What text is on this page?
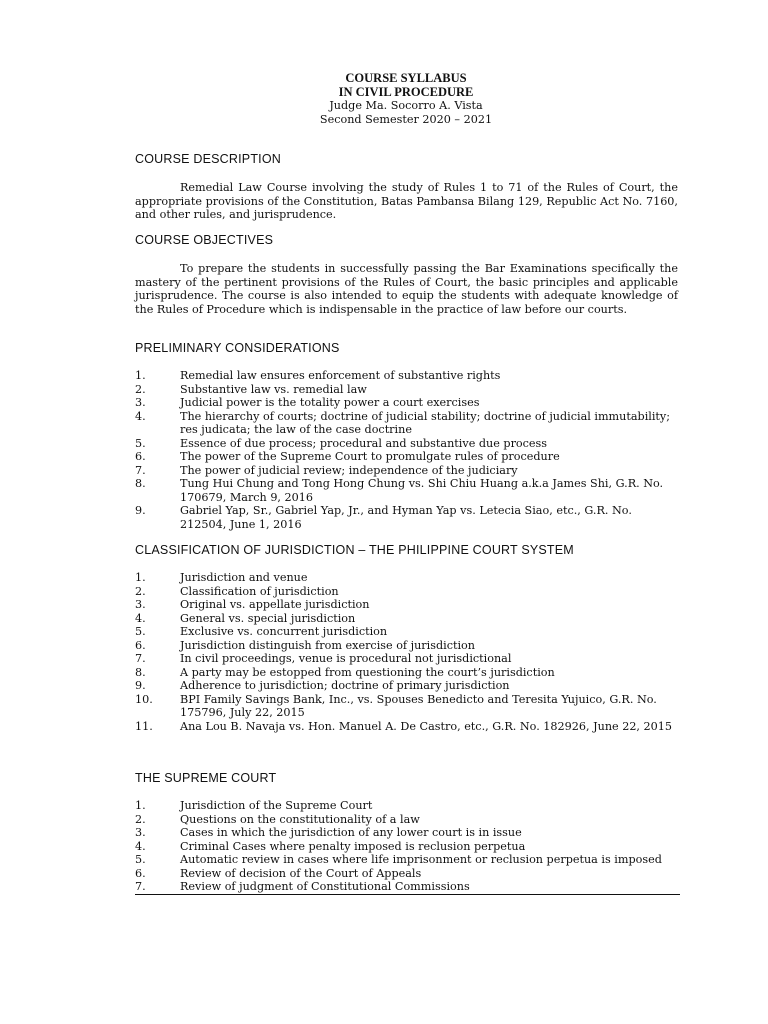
COURSE SYLLABUS
IN CIVIL PROCEDURE
Judge Ma. Socorro A. Vista
Second Semester 2020 – 2021
COURSE DESCRIPTION
Remedial Law Course involving the study of Rules 1 to 71 of the Rules of Court, the appropriate provisions of the Constitution, Batas Pambansa Bilang 129, Republic Act No. 7160, and other rules, and jurisprudence.
COURSE OBJECTIVES
To prepare the students in successfully passing the Bar Examinations specifically the mastery of the pertinent provisions of the Rules of Court, the basic principles and applicable jurisprudence. The course is also intended to equip the students with adequate knowledge of the Rules of Procedure which is indispensable in the practice of law before our courts.
PRELIMINARY CONSIDERATIONS
1.	Remedial law ensures enforcement of substantive rights
2.	Substantive law vs. remedial law
3.	Judicial power is the totality power a court exercises
4.	The hierarchy of courts; doctrine of judicial stability; doctrine of judicial immutability; res judicata; the law of the case doctrine
5.	Essence of due process; procedural and substantive due process
6.	The power of the Supreme Court to promulgate rules of procedure
7.	The power of judicial review; independence of the judiciary
8.	Tung Hui Chung and Tong Hong Chung vs. Shi Chiu Huang a.k.a James Shi, G.R. No. 170679, March 9, 2016
9.	Gabriel Yap, Sr., Gabriel Yap, Jr., and Hyman Yap vs. Letecia Siao, etc., G.R. No. 212504, June 1, 2016
CLASSIFICATION OF JURISDICTION – THE PHILIPPINE COURT SYSTEM
1.	Jurisdiction and venue
2.	Classification of jurisdiction
3.	Original vs. appellate jurisdiction
4.	General vs. special jurisdiction
5.	Exclusive vs. concurrent jurisdiction
6.	Jurisdiction distinguish from exercise of jurisdiction
7.	In civil proceedings, venue is procedural not jurisdictional
8.	A party may be estopped from questioning the court’s jurisdiction
9.	Adherence to jurisdiction; doctrine of primary jurisdiction
10. BPI Family Savings Bank, Inc., vs. Spouses Benedicto and Teresita Yujuico, G.R. No. 175796, July 22, 2015
11. Ana Lou B. Navaja vs. Hon. Manuel A. De Castro, etc., G.R. No. 182926, June 22, 2015
THE SUPREME COURT
1.	Jurisdiction of the Supreme Court
2.	Questions on the constitutionality of a law
3.	Cases in which the jurisdiction of any lower court is in issue
4.	Criminal Cases where penalty imposed is reclusion perpetua
5.	Automatic review in cases where life imprisonment or reclusion perpetua is imposed
6.	Review of decision of the Court of Appeals
7.	Review of judgment of Constitutional Commissions
